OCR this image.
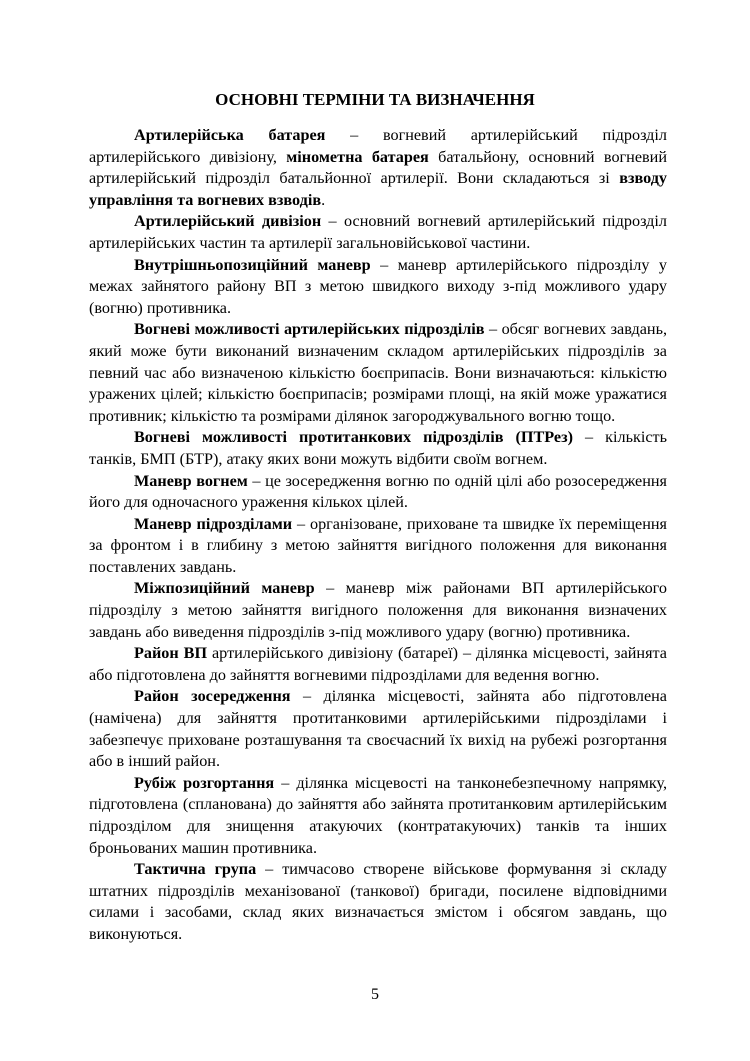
ОСНОВНІ ТЕРМІНИ ТА ВИЗНАЧЕННЯ

Артилерійська батарея – вогневий артилерійський підрозділ артилерійського дивізіону, мінометна батарея батальйону, основний вогневий артилерійський підрозділ батальйонної артилерії. Вони складаються зі взводу управління та вогневих взводів.

Артилерійський дивізіон – основний вогневий артилерійський підрозділ артилерійських частин та артилерії загальновійськової частини.

Внутрішньопозиційний маневр – маневр артилерійського підрозділу у межах зайнятого району ВП з метою швидкого виходу з-під можливого удару (вогню) противника.

Вогневі можливості артилерійських підрозділів – обсяг вогневих завдань, який може бути виконаний визначеним складом артилерійських підрозділів за певний час або визначеною кількістю боєприпасів. Вони визначаються: кількістю уражених цілей; кількістю боєприпасів; розмірами площі, на якій може уражатися противник; кількістю та розмірами ділянок загороджувального вогню тощо.

Вогневі можливості протитанкових підрозділів (ПТРез) – кількість танків, БМП (БТР), атаку яких вони можуть відбити своїм вогнем.

Маневр вогнем – це зосередження вогню по одній цілі або розосередження його для одночасного ураження кількох цілей.

Маневр підрозділами – організоване, приховане та швидке їх переміщення за фронтом і в глибину з метою зайняття вигідного положення для виконання поставлених завдань.

Міжпозиційний маневр – маневр між районами ВП артилерійського підрозділу з метою зайняття вигідного положення для виконання визначених завдань або виведення підрозділів з-під можливого удару (вогню) противника.

Район ВП артилерійського дивізіону (батареї) – ділянка місцевості, зайнята або підготовлена до зайняття вогневими підрозділами для ведення вогню.

Район зосередження – ділянка місцевості, зайнята або підготовлена (намічена) для зайняття протитанковими артилерійськими підрозділами і забезпечує приховане розташування та своєчасний їх вихід на рубежі розгортання або в інший район.

Рубіж розгортання – ділянка місцевості на танконебезпечному напрямку, підготовлена (спланована) до зайняття або зайнята протитанковим артилерійським підрозділом для знищення атакуючих (контратакуючих) танків та інших броньованих машин противника.

Тактична група – тимчасово створене військове формування зі складу штатних підрозділів механізованої (танкової) бригади, посилене відповідними силами і засобами, склад яких визначається змістом і обсягом завдань, що виконуються.

5
